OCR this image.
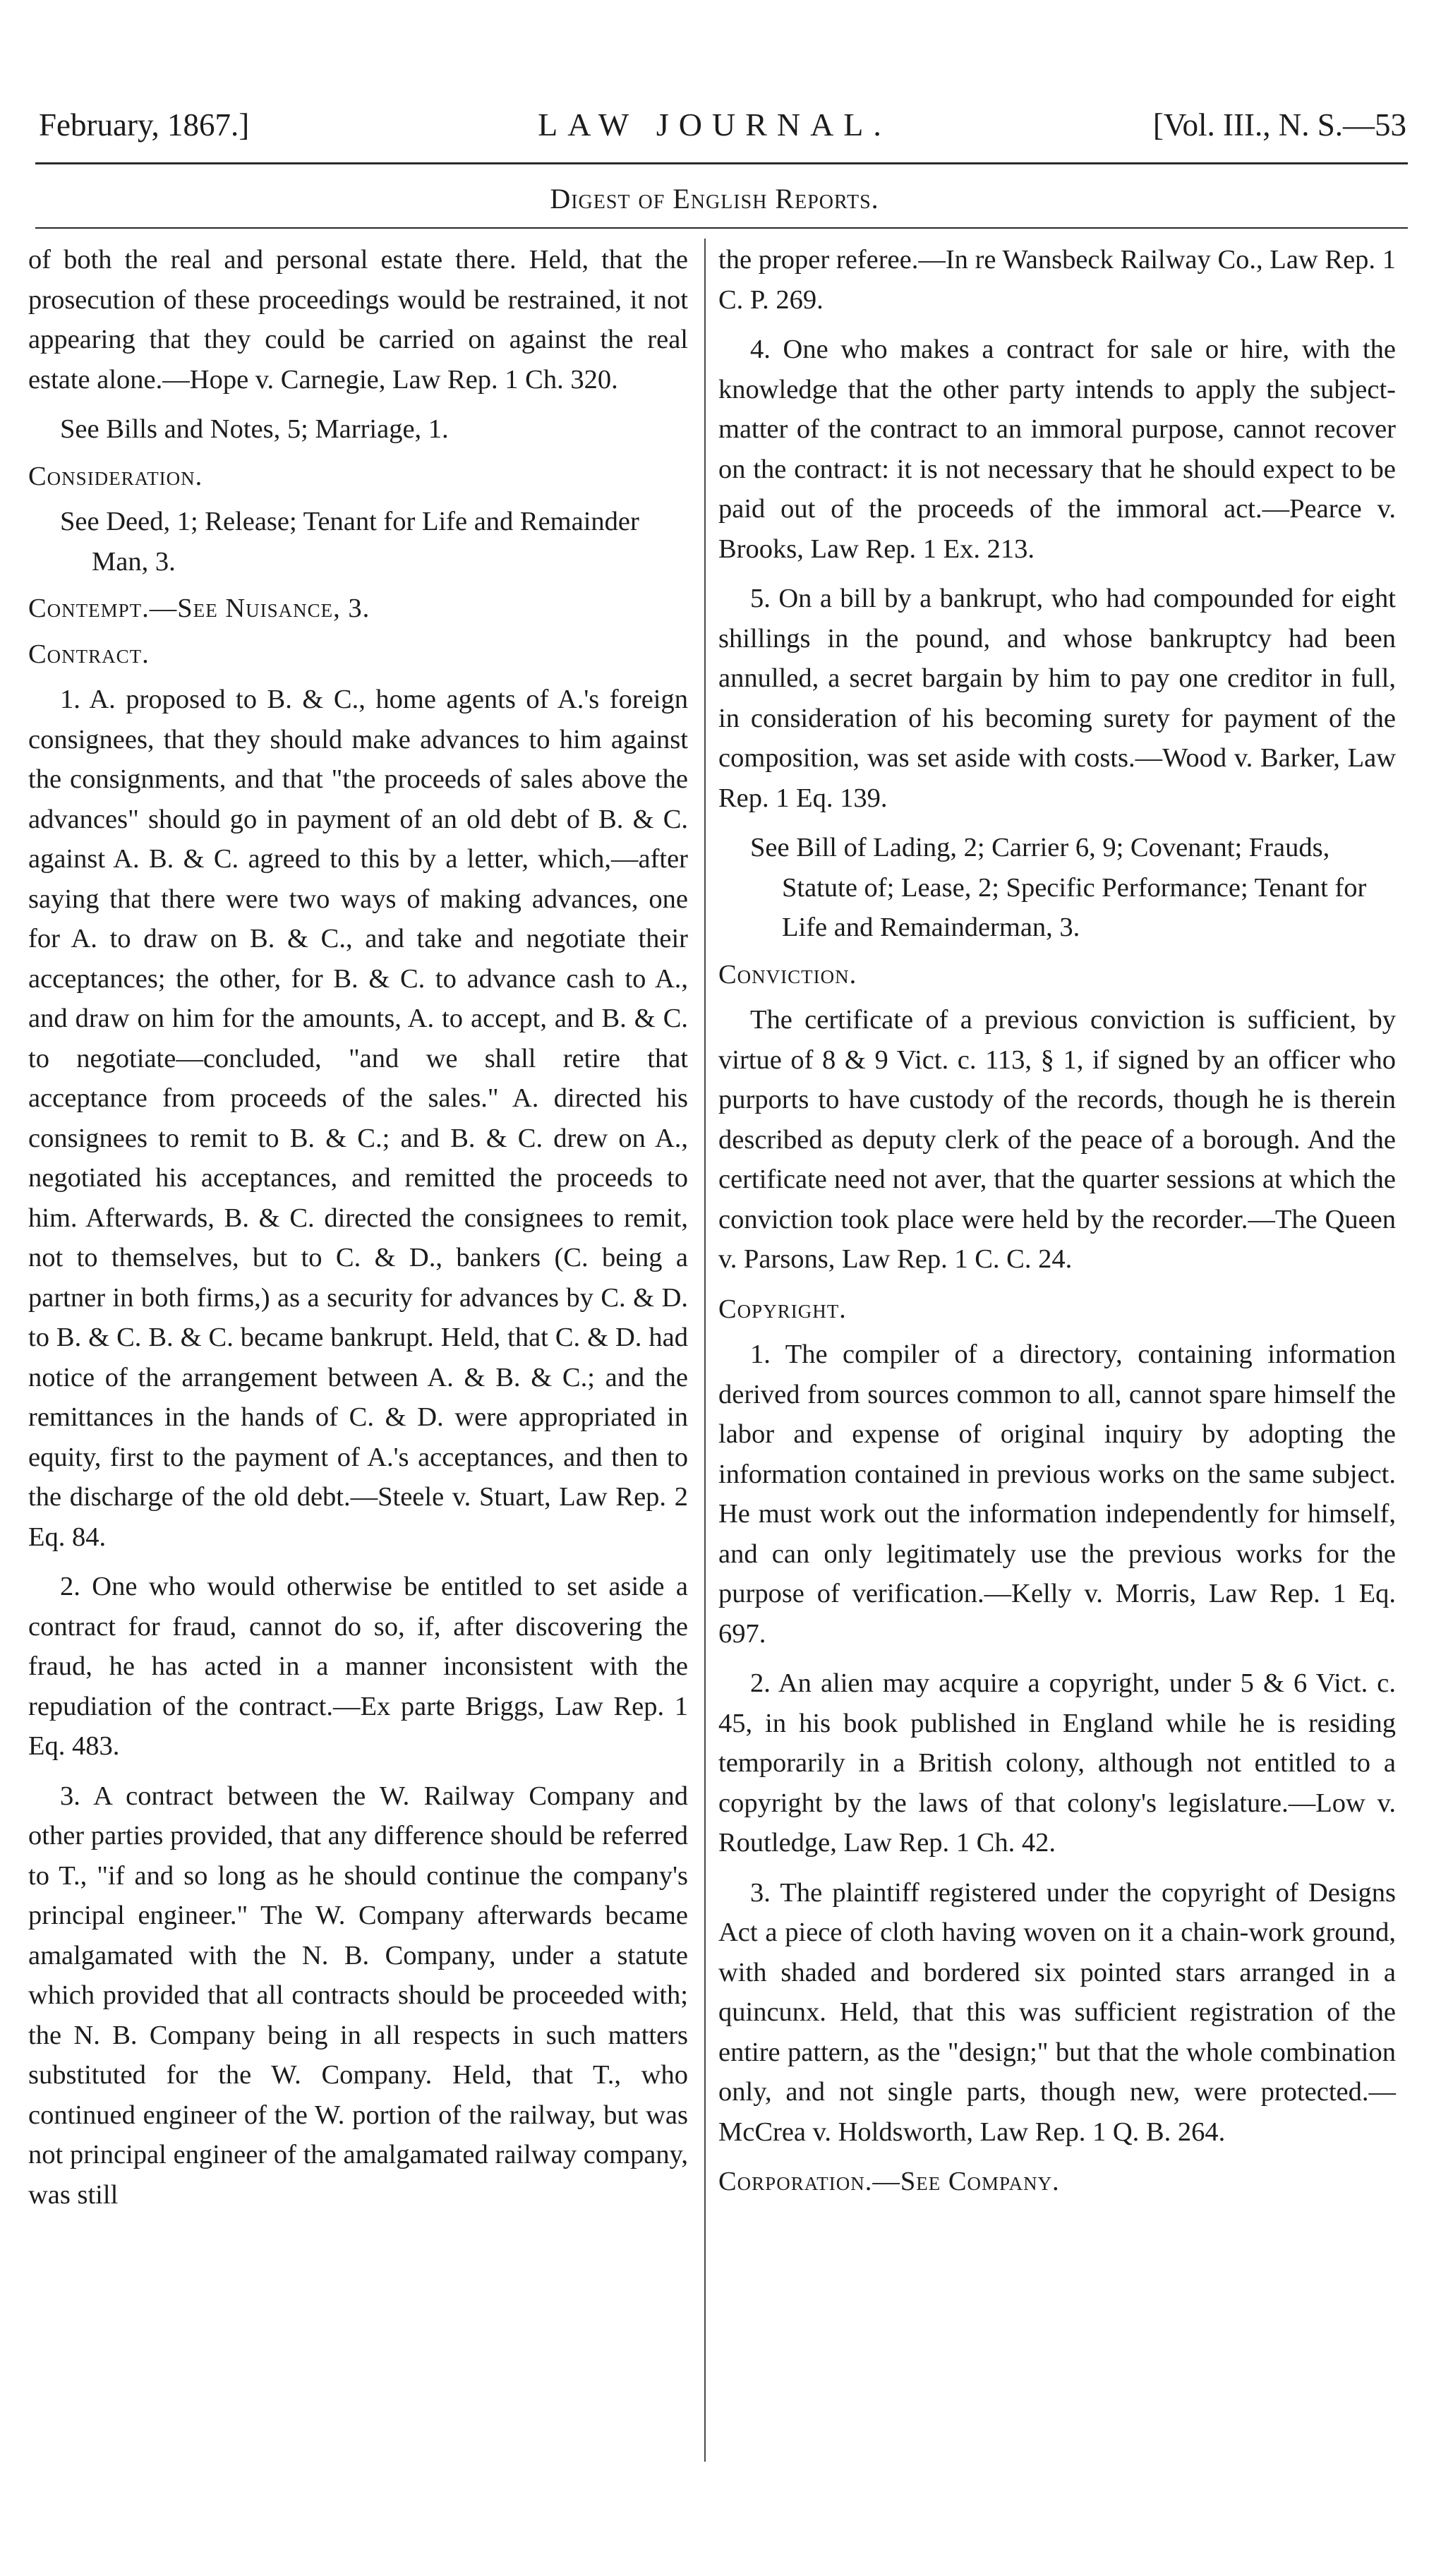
February, 1867.]	LAW JOURNAL.	[Vol. III., N. S.—53
Digest of English Reports.

of both the real and personal estate there. Held, that the prosecution of these proceedings would be restrained, it not appearing that they could be carried on against the real estate alone.—Hope v. Carnegie, Law Rep. 1 Ch. 320.

See Bills and Notes, 5; Marriage, 1.

Consideration.

See Deed, 1; Release; Tenant for Life and Remainder Man, 3.

Contempt.—See Nuisance, 3.

Contract.

1. A. proposed to B. & C., home agents of A.'s foreign consignees, that they should make advances to him against the consignments, and that "the proceeds of sales above the advances" should go in payment of an old debt of B. & C. against A. B. & C. agreed to this by a letter, which,—after saying that there were two ways of making advances, one for A. to draw on B. & C., and take and negotiate their acceptances; the other, for B. & C. to advance cash to A., and draw on him for the amounts, A. to accept, and B. & C. to negotiate—concluded, "and we shall retire that acceptance from proceeds of the sales." A. directed his consignees to remit to B. & C.; and B. & C. drew on A., negotiated his acceptances, and remitted the proceeds to him. Afterwards, B. & C. directed the consignees to remit, not to themselves, but to C. & D., bankers (C. being a partner in both firms,) as a security for advances by C. & D. to B. & C. B. & C. became bankrupt. Held, that C. & D. had notice of the arrangement between A. & B. & C.; and the remittances in the hands of C. & D. were appropriated in equity, first to the payment of A.'s acceptances, and then to the discharge of the old debt.—Steele v. Stuart, Law Rep. 2 Eq. 84.

2. One who would otherwise be entitled to set aside a contract for fraud, cannot do so, if, after discovering the fraud, he has acted in a manner inconsistent with the repudiation of the contract.—Ex parte Briggs, Law Rep. 1 Eq. 483.

3. A contract between the W. Railway Company and other parties provided, that any difference should be referred to T., "if and so long as he should continue the company's principal engineer." The W. Company afterwards became amalgamated with the N. B. Company, under a statute which provided that all contracts should be proceeded with; the N. B. Company being in all respects in such matters substituted for the W. Company. Held, that T., who continued engineer of the W. portion of the railway, but was not principal engineer of the amalgamated railway company, was still

the proper referee.—In re Wansbeck Railway Co., Law Rep. 1 C. P. 269.

4. One who makes a contract for sale or hire, with the knowledge that the other party intends to apply the subject-matter of the contract to an immoral purpose, cannot recover on the contract: it is not necessary that he should expect to be paid out of the proceeds of the immoral act.—Pearce v. Brooks, Law Rep. 1 Ex. 213.

5. On a bill by a bankrupt, who had compounded for eight shillings in the pound, and whose bankruptcy had been annulled, a secret bargain by him to pay one creditor in full, in consideration of his becoming surety for payment of the composition, was set aside with costs.—Wood v. Barker, Law Rep. 1 Eq. 139.

See Bill of Lading, 2; Carrier 6, 9; Covenant; Frauds, Statute of; Lease, 2; Specific Performance; Tenant for Life and Remainderman, 3.

Conviction.

The certificate of a previous conviction is sufficient, by virtue of 8 & 9 Vict. c. 113, § 1, if signed by an officer who purports to have custody of the records, though he is therein described as deputy clerk of the peace of a borough. And the certificate need not aver, that the quarter sessions at which the conviction took place were held by the recorder.—The Queen v. Parsons, Law Rep. 1 C. C. 24.

Copyright.

1. The compiler of a directory, containing information derived from sources common to all, cannot spare himself the labor and expense of original inquiry by adopting the information contained in previous works on the same subject. He must work out the information independently for himself, and can only legitimately use the previous works for the purpose of verification.—Kelly v. Morris, Law Rep. 1 Eq. 697.

2. An alien may acquire a copyright, under 5 & 6 Vict. c. 45, in his book published in England while he is residing temporarily in a British colony, although not entitled to a copyright by the laws of that colony's legislature.—Low v. Routledge, Law Rep. 1 Ch. 42.

3. The plaintiff registered under the copyright of Designs Act a piece of cloth having woven on it a chain-work ground, with shaded and bordered six pointed stars arranged in a quincunx. Held, that this was sufficient registration of the entire pattern, as the "design;" but that the whole combination only, and not single parts, though new, were protected.—McCrea v. Holdsworth, Law Rep. 1 Q. B. 264.

Corporation.—See Company.
